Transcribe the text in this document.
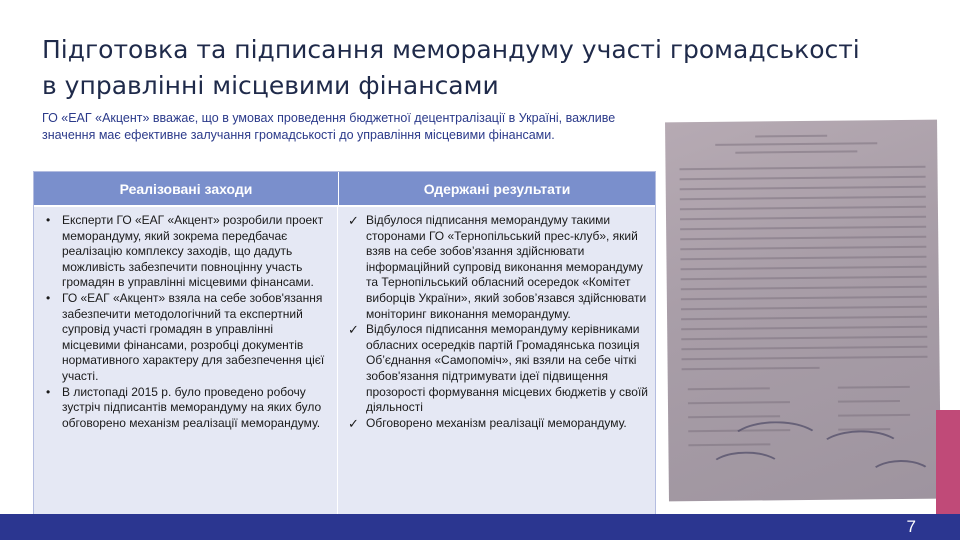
Підготовка та підписання меморандуму участі громадськості в управлінні місцевими фінансами

ГО «ЕАГ «Акцент» вважає, що в умовах проведення бюджетної децентралізації в Україні, важливе значення має ефективне залучання громадськості до управління місцевими фінансами.

Реалізовані заходи	Одержані результати
• Експерти ГО «ЕАГ «Акцент» розробили проект меморандуму, який зокрема передбачає реалізацію комплексу заходів, що дадуть можливість забезпечити повноцінну участь громадян в управлінні місцевими фінансами.
• ГО «ЕАГ «Акцент» взяла на себе зобов'язання забезпечити методологічний та експертний супровід участі громадян в управлінні місцевими фінансами, розробці документів нормативного характеру для забезпечення цієї участі.
• В листопаді 2015 р. було проведено робочу зустріч підписантів меморандуму на яких було обговорено механізм реалізації меморандуму.
✓ Відбулося підписання меморандуму такими сторонами ГО «Тернопільський прес-клуб», який взяв на себе зобов’язання здійснювати інформаційний супровід виконання меморандуму та Тернопільський обласний осередок «Комітет виборців України», який зобов’язався здійснювати моніторинг виконання меморандуму.
✓ Відбулося підписання меморандуму керівниками обласних осередків партій Громадянська позиція Об’єднання «Самопоміч», які взяли на себе чіткі зобов'язання підтримувати ідеї підвищення прозорості формування місцевих бюджетів у своїй діяльності
✓ Обговорено механізм реалізації меморандуму.
7
